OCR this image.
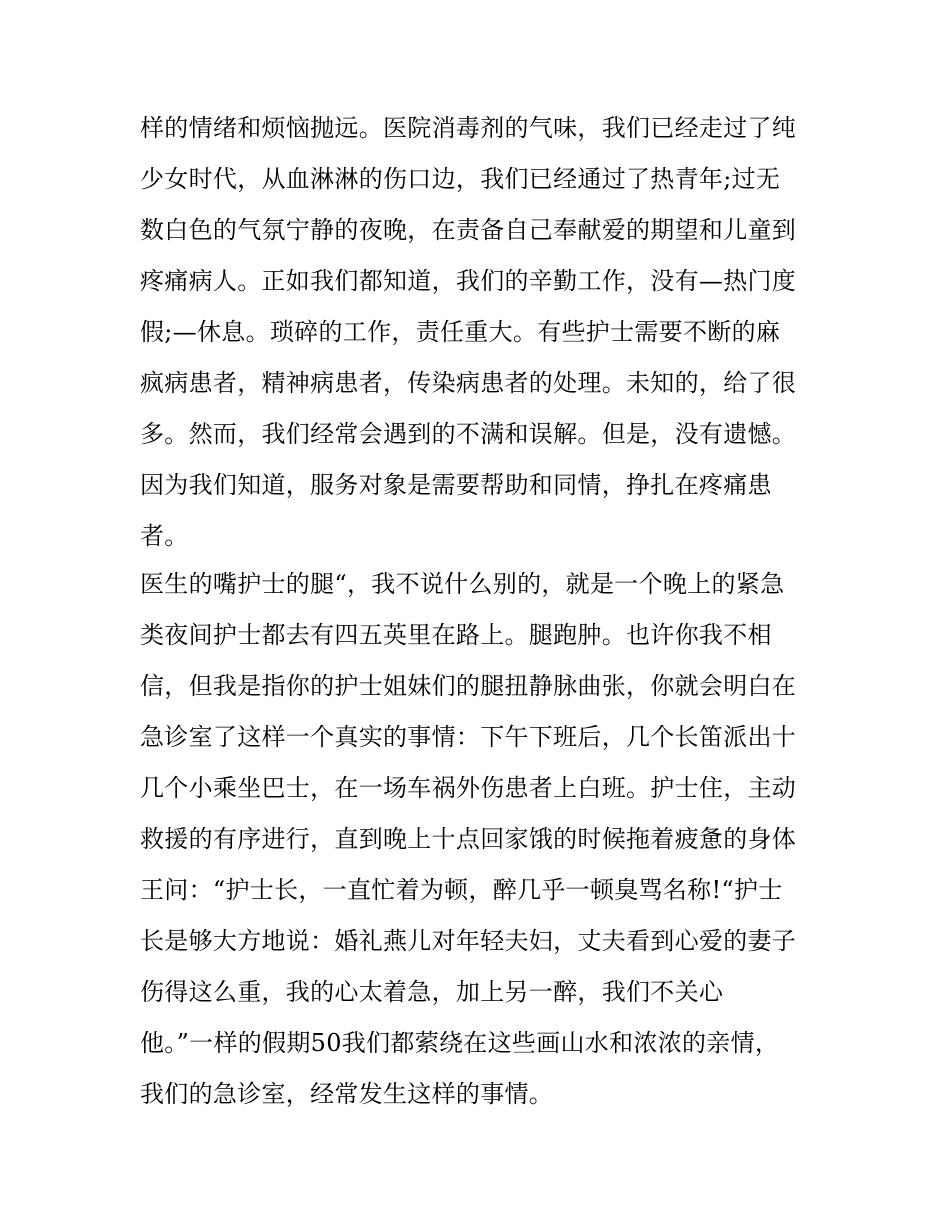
样的情绪和烦恼抛远。医院消毒剂的气味，我们已经走过了纯
少女时代，从血淋淋的伤口边，我们已经通过了热青年;过无
数白色的气氛宁静的夜晚，在责备自己奉献爱的期望和儿童到
疼痛病人。正如我们都知道，我们的辛勤工作，没有—热门度
假;—休息。琐碎的工作，责任重大。有些护士需要不断的麻
疯病患者，精神病患者，传染病患者的处理。未知的，给了很
多。然而，我们经常会遇到的不满和误解。但是，没有遗憾。
因为我们知道，服务对象是需要帮助和同情，挣扎在疼痛患
者。
医生的嘴护士的腿“，我不说什么别的，就是一个晚上的紧急
类夜间护士都去有四五英里在路上。腿跑肿。也许你我不相
信，但我是指你的护士姐妹们的腿扭静脉曲张，你就会明白在
急诊室了这样一个真实的事情：下午下班后，几个长笛派出十
几个小乘坐巴士，在一场车祸外伤患者上白班。护士住，主动
救援的有序进行，直到晚上十点回家饿的时候拖着疲惫的身体
王问：“护士长，一直忙着为顿，醉几乎一顿臭骂名称!“护士
长是够大方地说：婚礼燕儿对年轻夫妇，丈夫看到心爱的妻子
伤得这么重，我的心太着急，加上另一醉，我们不关心
他。”一样的假期50我们都萦绕在这些画山水和浓浓的亲情，
我们的急诊室，经常发生这样的事情。
